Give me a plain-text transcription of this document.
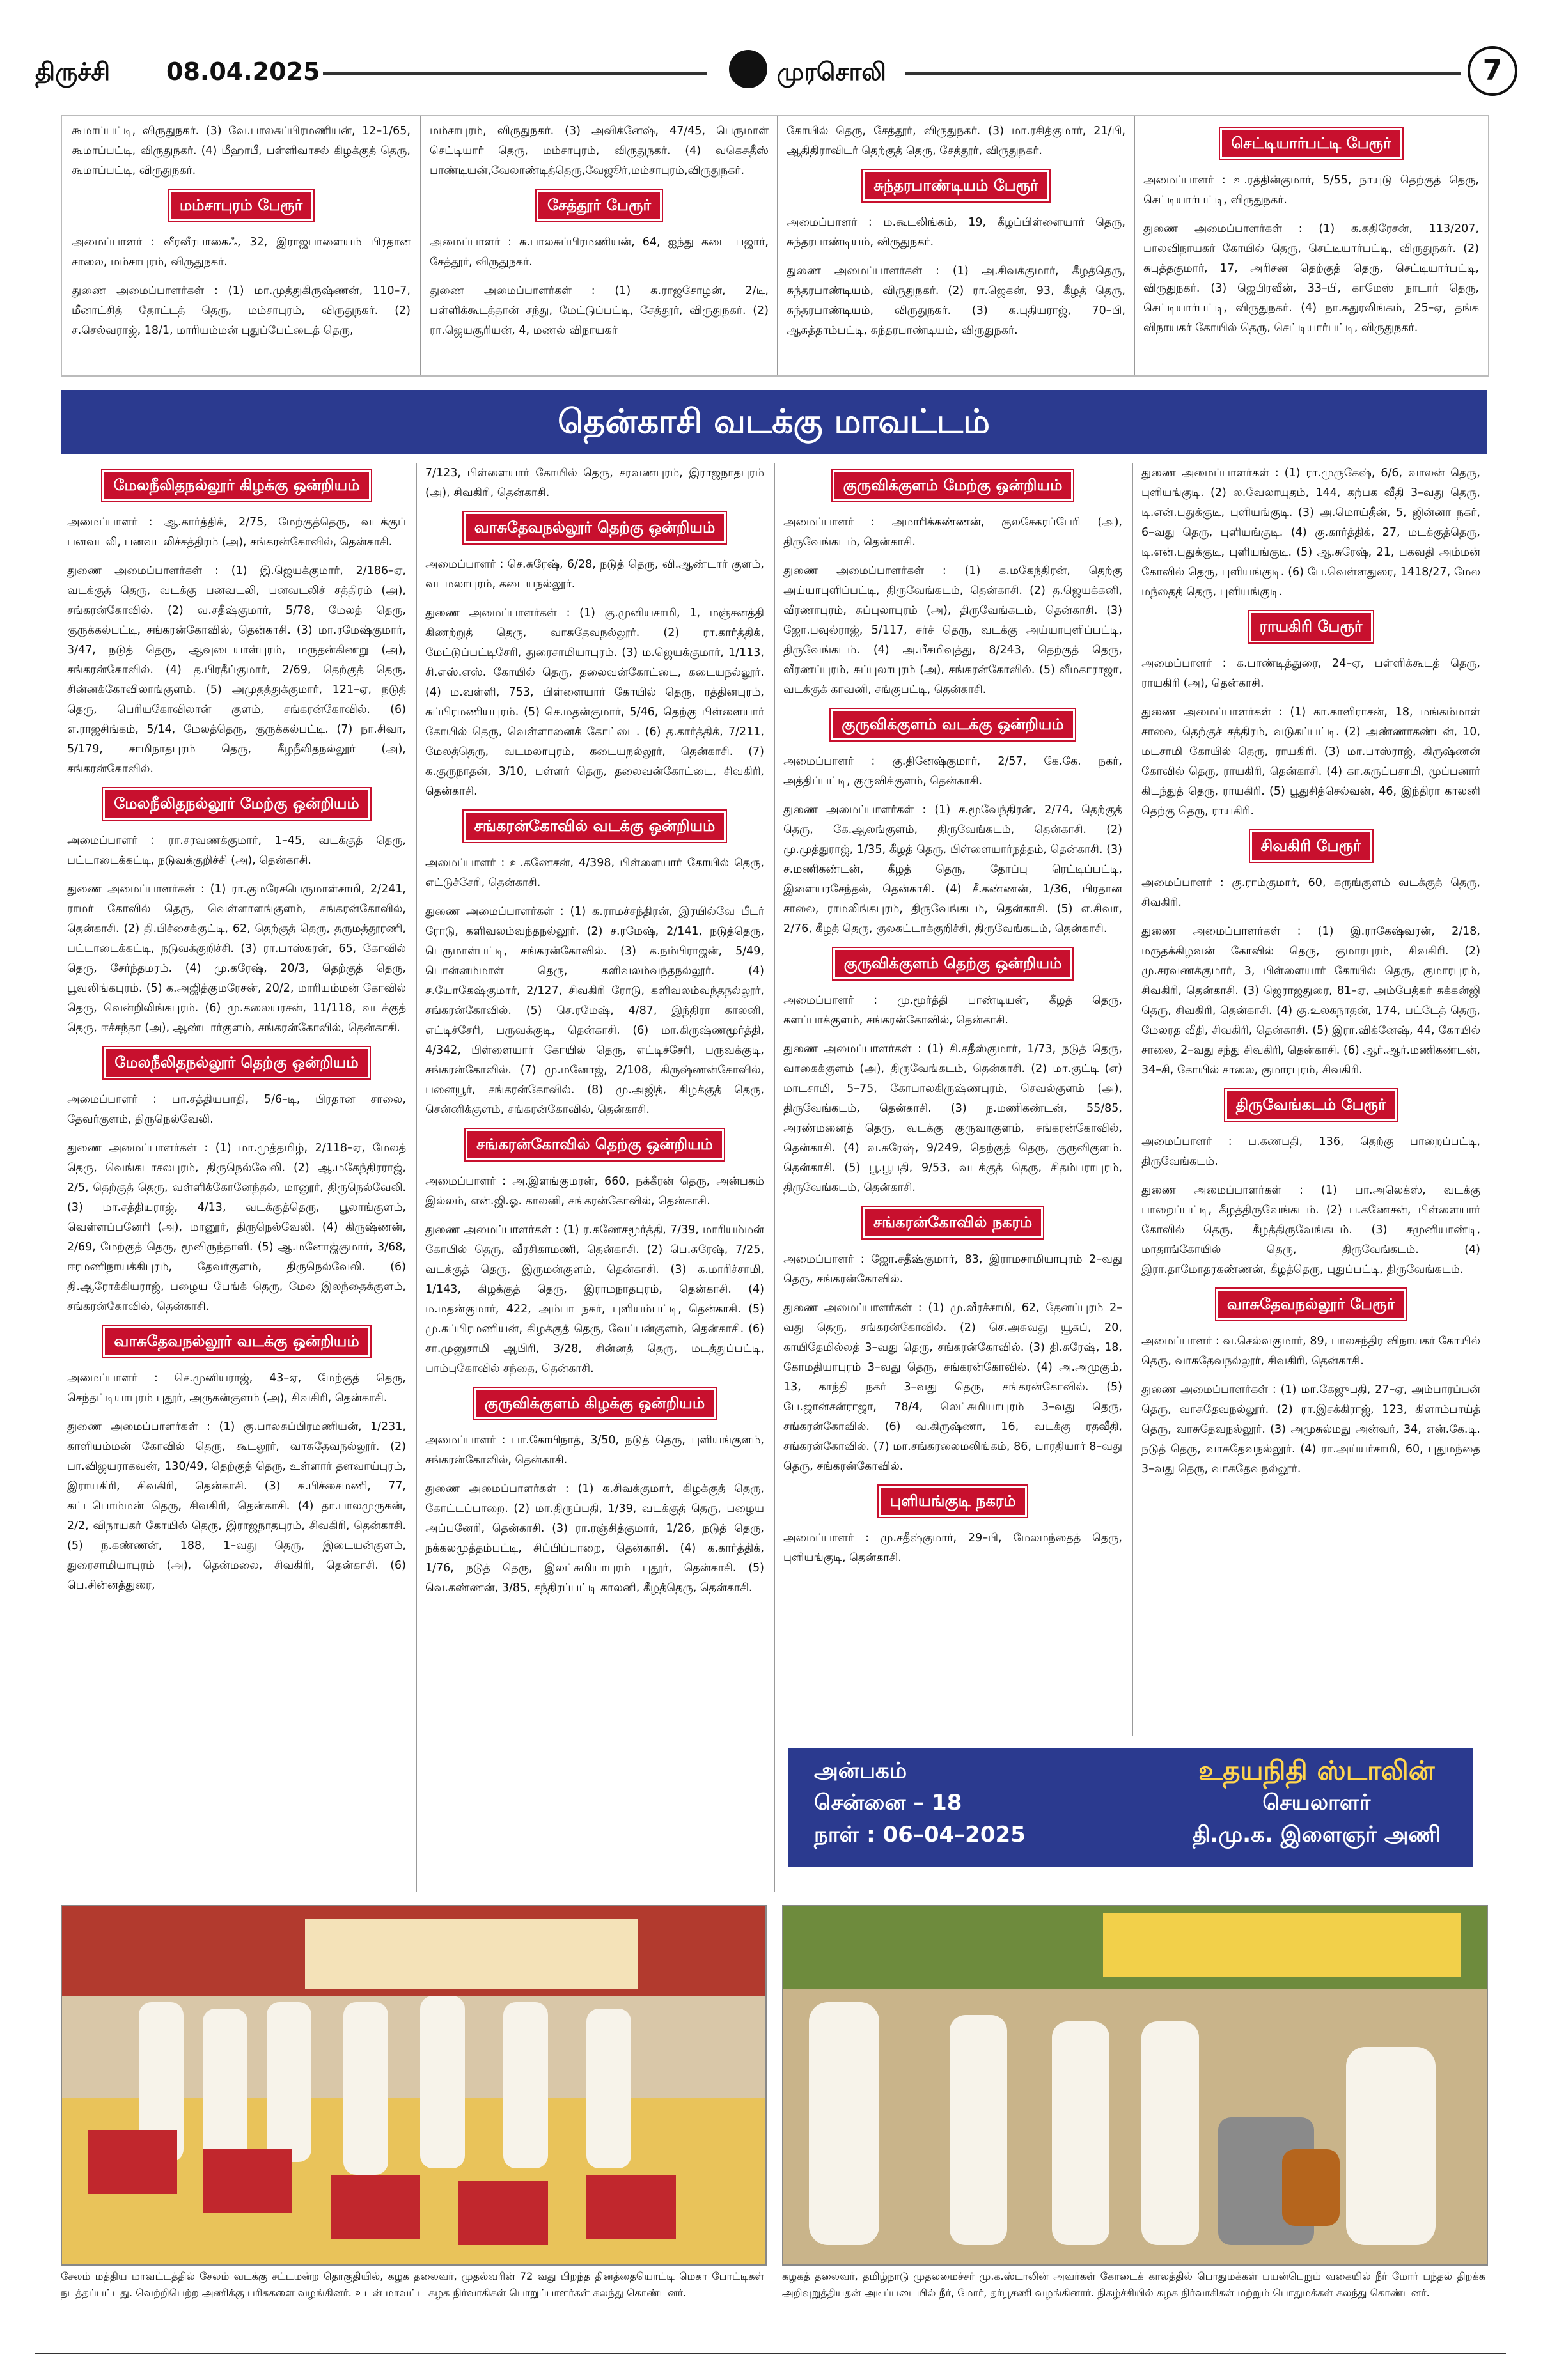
திருச்சி 08.04.2025	முரசொலி	7

கூமாப்பட்டி, விருதுநகர். (3) வே.பாலசுப்பிரமணியன், 12–1/65, கூமாப்பட்டி, விருதுநகர். (4) மீஹாபீ, பள்ளிவாசல் கிழக்குத் தெரு, கூமாப்பட்டி, விருதுநகர்.

மம்சாபுரம் பேரூர்

அமைப்பாளர் : வீரவீரபாகைஃ, 32, இராஜபாளையம் பிரதான சாலை, மம்சாபுரம், விருதுநகர்.

துணை அமைப்பாளர்கள் : (1) மா.முத்துகிருஷ்ணன், 110–7, மீனாட்சித் தோட்டத் தெரு, மம்சாபுரம், விருதுநகர். (2) ச.செல்வராஜ், 18/1, மாரியம்மன் புதுப்பேட்டைத் தெரு,

மம்சாபுரம், விருதுநகர். (3) அவிக்னேஷ், 47/45, பெருமாள் செட்டியார் தெரு, மம்சாபுரம், விருதுநகர். (4) வகெசுதீஸ் பாண்டியன்,வேலாண்டித்தெரு,வேஜூர்,மம்சாபுரம்,விருதுநகர்.

சேத்தூர் பேரூர்

அமைப்பாளர் : சு.பாலசுப்பிரமணியன், 64, ஐந்து கடை பஜார், சேத்தூர், விருதுநகர்.

துணை அமைப்பாளர்கள் : (1) சு.ராஜசோழன், 2/டி, பள்ளிக்கூடத்தான் சந்து, மேட்டுப்பட்டி, சேத்தூர், விருதுநகர். (2) ரா.ஜெயசூரியன், 4, மணல் விநாயகர்

கோயில் தெரு, சேத்தூர், விருதுநகர். (3) மா.ரசித்குமார், 21/பி, ஆதிதிராவிடர் தெற்குத் தெரு, சேத்தூர், விருதுநகர்.

சுந்தரபாண்டியம் பேரூர்

அமைப்பாளர் : ம.கூடலிங்கம், 19, கீழப்பிள்ளையார் தெரு, சுந்தரபாண்டியம், விருதுநகர்.

துணை அமைப்பாளர்கள் : (1) அ.சிவக்குமார், கீழத்தெரு, சுந்தரபாண்டியம், விருதுநகர். (2) ரா.ஜெகன், 93, கீழத் தெரு, சுந்தரபாண்டியம், விருதுநகர். (3) க.புதியராஜ், 70–பி, ஆசுத்தாம்பட்டி, சுந்தரபாண்டியம், விருதுநகர்.

செட்டியார்பட்டி பேரூர்

அமைப்பாளர் : உ.ரத்தின்குமார், 5/55, நாயுடு தெற்குத் தெரு, செட்டியார்பட்டி, விருதுநகர்.

துணை அமைப்பாளர்கள் : (1) க.கதிரேசன், 113/207, பாலவிநாயகர் கோயில் தெரு, செட்டியார்பட்டி, விருதுநகர். (2) சுபுத்தகுமார், 17, அரிசன தெற்குத் தெரு, செட்டியார்பட்டி, விருதுநகர். (3) ஜெபிரவீன், 33–பி, காமேஸ் நாடார் தெரு, செட்டியார்பட்டி, விருதுநகர். (4) நா.கதுரலிங்கம், 25–ஏ, தங்க விநாயகர் கோயில் தெரு, செட்டியார்பட்டி, விருதுநகர்.

தென்காசி வடக்கு மாவட்டம்
மேலநீலிதநல்லூர் கிழக்கு ஒன்றியம்

அமைப்பாளர் : ஆ.கார்த்திக், 2/75, மேற்குத்தெரு, வடக்குப் பனவடலி, பனவடலிச்சத்திரம் (அ), சங்கரன்கோவில், தென்காசி.

துணை அமைப்பாளர்கள் : (1) இ.ஜெயக்குமார், 2/186–ஏ, வடக்குத் தெரு, வடக்கு பனவடலி, பனவடலிச் சத்திரம் (அ), சங்கரன்கோவில். (2) வ.சதீஷ்குமார், 5/78, மேலத் தெரு, குருக்கல்பட்டி, சங்கரன்கோவில், தென்காசி. (3) மா.ரமேஷ்குமார், 3/47, நடுத் தெரு, ஆவுடையாள்புரம், மருதன்கிணறு (அ), சங்கரன்கோவில். (4) த.பிரதீப்குமார், 2/69, தெற்குத் தெரு, சின்னக்கோவிலாங்குளம். (5) அமுதத்துக்குமார், 121–ஏ, நடுத் தெரு, பெரியகோவிலான் குளம், சங்கரன்கோவில். (6) எ.ராஜசிங்கம், 5/14, மேலத்தெரு, குருக்கல்பட்டி. (7) நா.சிவா, 5/179, சாமிநாதபுரம் தெரு, கீழநீலிதநல்லூர் (அ), சங்கரன்கோவில்.

மேலநீலிதநல்லூர் மேற்கு ஒன்றியம்

அமைப்பாளர் : ரா.சரவணக்குமார், 1–45, வடக்குத் தெரு, பட்டாடைக்கட்டி, நடுவக்குறிச்சி (அ), தென்காசி.

துணை அமைப்பாளர்கள் : (1) ரா.குமரேசபெருமாள்சாமி, 2/241, ராமர் கோவில் தெரு, வெள்ளாளங்குளம், சங்கரன்கோவில், தென்காசி. (2) தி.பிச்சைக்குட்டி, 62, தெற்குத் தெரு, தருமத்தூரணி, பட்டாடைக்கட்டி, நடுவக்குறிச்சி. (3) ரா.பாஸ்கரன், 65, கோவில் தெரு, சேர்ந்தமரம். (4) மு.கரேஷ், 20/3, தெற்குத் தெரு, பூவலிங்கபுரம். (5) க.அஜித்குமரேசன், 20/2, மாரியம்மன் கோவில் தெரு, வென்றிலிங்கபுரம். (6) மு.கலையரசன், 11/118, வடக்குத் தெரு, ஈச்சந்தா (அ), ஆண்டார்குளம், சங்கரன்கோவில், தென்காசி.

மேலநீலிதநல்லூர் தெற்கு ஒன்றியம்

அமைப்பாளர் : பா.சத்தியபாதி, 5/6–டி, பிரதான சாலை, தேவர்குளம், திருநெல்வேலி.

துணை அமைப்பாளர்கள் : (1) மா.முத்தமிழ், 2/118–ஏ, மேலத் தெரு, வெங்கடாசலபுரம், திருநெல்வேலி. (2) ஆ.மகேந்திரராஜ், 2/5, தெற்குத் தெரு, வள்ளிக்கோனேந்தல், மானூர், திருநெல்வேலி. (3) மா.சத்தியராஜ், 4/13, வடக்குத்தெரு, பூலாங்குளம், வெள்ளப்பனேரி (அ), மானூர், திருநெல்வேலி. (4) கிருஷ்ணன், 2/69, மேற்குத் தெரு, மூவிருந்தாளி. (5) ஆ.மனோஜ்குமார், 3/68, ஈரமணிநாயக்கிபுரம், தேவர்குளம், திருநெல்வேலி. (6) தி.ஆரோக்கியராஜ், பழைய பேங்க் தெரு, மேல இலந்தைக்குளம், சங்கரன்கோவில், தென்காசி.

வாசுதேவநல்லூர் வடக்கு ஒன்றியம்

அமைப்பாளர் : செ.முனியராஜ், 43–ஏ, மேற்குத் தெரு, செந்தட்டியாபுரம் புதூர், அருகன்குளம் (அ), சிவகிரி, தென்காசி.

துணை அமைப்பாளர்கள் : (1) கு.பாலசுப்பிரமணியன், 1/231, காளியம்மன் கோவில் தெரு, கூடலூர், வாசுதேவநல்லூர். (2) பா.விஜயராகவன், 130/49, தெற்குத் தெரு, உள்ளார் தளவாய்புரம், இராயகிரி, சிவகிரி, தென்காசி. (3) க.பிச்சைமணி, 77, கட்டபொம்மன் தெரு, சிவகிரி, தென்காசி. (4) தா.பாலமுருகன், 2/2, விநாயகர் கோயில் தெரு, இராஜநாதபுரம், சிவகிரி, தென்காசி. (5) ந.கண்ணன், 188, 1–வது தெரு, இடையன்குளம், துரைசாமியாபுரம் (அ), தென்மலை, சிவகிரி, தென்காசி. (6) பெ.சின்னத்துரை,

7/123, பிள்ளையார் கோயில் தெரு, சரவணபுரம், இராஜநாதபுரம் (அ), சிவகிரி, தென்காசி.

வாசுதேவநல்லூர் தெற்கு ஒன்றியம்

அமைப்பாளர் : செ.சுரேஷ், 6/28, நடுத் தெரு, வி.ஆண்டார் குளம், வடமலாபுரம், கடையநல்லூர்.

துணை அமைப்பாளர்கள் : (1) கு.முனியசாமி, 1, மஞ்சனத்தி கிணற்றுத் தெரு, வாசுதேவநல்லூர். (2) ரா.கார்த்திக், மேட்டுப்பட்டிசேரி, துரைசாமியாபுரம். (3) ம.ஜெயக்குமார், 1/113, சி.எஸ்.எஸ். கோயில் தெரு, தலைவன்கோட்டை, கடையநல்லூர். (4) ம.வள்ளி, 753, பிள்ளையார் கோயில் தெரு, ரத்தினபுரம், சுப்பிரமணியபுரம். (5) செ.மதன்குமார், 5/46, தெற்கு பிள்ளையார் கோயில் தெரு, வெள்ளானைக் கோட்டை. (6) த.கார்த்திக், 7/211, மேலத்தெரு, வடமலாபுரம், கடையநல்லூர், தென்காசி. (7) க.குருநாதன், 3/10, பள்ளர் தெரு, தலைவன்கோட்டை, சிவகிரி, தென்காசி.

சங்கரன்கோவில் வடக்கு ஒன்றியம்

அமைப்பாளர் : உ.கணேசன், 4/398, பிள்ளையார் கோயில் தெரு, எட்டுச்சேரி, தென்காசி.

துணை அமைப்பாளர்கள் : (1) க.ராமச்சந்திரன், இரயில்வே பீடர் ரோடு, களிவலம்வந்தநல்லூர். (2) ச.ரமேஷ், 2/141, நடுத்தெரு, பெருமாள்பட்டி, சங்கரன்கோவில். (3) க.நம்பிராஜன், 5/49, பொன்னம்மாள் தெரு, களிவலம்வந்தநல்லூர். (4) ச.யோகேஷ்குமார், 2/127, சிவகிரி ரோடு, களிவலம்வந்தநல்லூர், சங்கரன்கோவில். (5) செ.ரமேஷ், 4/87, இந்திரா காலனி, எட்டிச்சேரி, பருவக்குடி, தென்காசி. (6) மா.கிருஷ்ணமூர்த்தி, 4/342, பிள்ளையார் கோயில் தெரு, எட்டிச்சேரி, பருவக்குடி, சங்கரன்கோவில். (7) மு.மனோஜ், 2/108, கிருஷ்ணன்கோவில், பனையூர், சங்கரன்கோவில். (8) மு.அஜித், கிழக்குத் தெரு, சென்னிக்குளம், சங்கரன்கோவில், தென்காசி.

சங்கரன்கோவில் தெற்கு ஒன்றியம்

அமைப்பாளர் : அ.இளங்குமரன், 660, நக்கீரன் தெரு, அன்பகம் இல்லம், என்.ஜி.ஓ. காலனி, சங்கரன்கோவில், தென்காசி.

துணை அமைப்பாளர்கள் : (1) ர.கணேசமூர்த்தி, 7/39, மாரியம்மன் கோயில் தெரு, வீரசிகாமணி, தென்காசி. (2) பெ.சுரேஷ், 7/25, வடக்குத் தெரு, இருமன்குளம், தென்காசி. (3) க.மாரிச்சாமி, 1/143, கிழக்குத் தெரு, இராமநாதபுரம், தென்காசி. (4) ம.மதன்குமார், 422, அம்பா நகர், புளியம்பட்டி, தென்காசி. (5) மு.சுப்பிரமணியன், கிழக்குத் தெரு, வேப்பன்குளம், தென்காசி. (6) சா.முனுசாமி ஆபிரி, 3/28, சின்னத் தெரு, மடத்துப்பட்டி, பாம்புகோவில் சந்தை, தென்காசி.

குருவிக்குளம் கிழக்கு ஒன்றியம்

அமைப்பாளர் : பா.கோபிநாத், 3/50, நடுத் தெரு, புளியங்குளம், சங்கரன்கோவில், தென்காசி.

துணை அமைப்பாளர்கள் : (1) க.சிவக்குமார், கிழக்குத் தெரு, கோட்டப்பாறை. (2) மா.திருப்பதி, 1/39, வடக்குத் தெரு, பழைய அப்பனேரி, தென்காசி. (3) ரா.ரஞ்சித்குமார், 1/26, நடுத் தெரு, நக்கலமுத்தம்பட்டி, சிப்பிப்பாறை, தென்காசி. (4) க.கார்த்திக், 1/76, நடுத் தெரு, இலட்சுமியாபுரம் புதூர், தென்காசி. (5) வெ.கண்ணன், 3/85, சந்திரப்பட்டி காலனி, கீழத்தெரு, தென்காசி.

குருவிக்குளம் மேற்கு ஒன்றியம்

அமைப்பாளர் : அமாரிக்கண்ணன், குலசேகரப்பேரி (அ), திருவேங்கடம், தென்காசி.

துணை அமைப்பாளர்கள் : (1) க.மகேந்திரன், தெற்கு அய்யாபுளிப்பட்டி, திருவேங்கடம், தென்காசி. (2) த.ஜெயக்கனி, வீரணாபுரம், சுப்புலாபுரம் (அ), திருவேங்கடம், தென்காசி. (3) ஜோ.பவுல்ராஜ், 5/117, சர்ச் தெரு, வடக்கு அய்யாபுளிப்பட்டி, திருவேங்கடம். (4) அ.பீசமிவுத்து, 8/243, தெற்குத் தெரு, வீரணப்புரம், சுப்புலாபுரம் (அ), சங்கரன்கோவில். (5) வீமகாராஜா, வடக்குக் காவனி, சங்குபட்டி, தென்காசி.

குருவிக்குளம் வடக்கு ஒன்றியம்

அமைப்பாளர் : கு.தினேஷ்குமார், 2/57, கே.கே. நகர், அத்திப்பட்டி, குருவிக்குளம், தென்காசி.

துணை அமைப்பாளர்கள் : (1) ச.மூவேந்திரன், 2/74, தெற்குத் தெரு, கே.ஆலங்குளம், திருவேங்கடம், தென்காசி. (2) மு.முத்துராஜ், 1/35, கீழத் தெரு, பிள்ளையார்நத்தம், தென்காசி. (3) ச.மணிகண்டன், கீழத் தெரு, தோப்பு ரெட்டிப்பட்டி, இளையரசேந்தல், தென்காசி. (4) சீ.கண்ணன், 1/36, பிரதான சாலை, ராமலிங்கபுரம், திருவேங்கடம், தென்காசி. (5) எ.சிவா, 2/76, கீழத் தெரு, குலகட்டாக்குறிச்சி, திருவேங்கடம், தென்காசி.

குருவிக்குளம் தெற்கு ஒன்றியம்

அமைப்பாளர் : மு.மூர்த்தி பாண்டியன், கீழத் தெரு, களப்பாக்குளம், சங்கரன்கோவில், தென்காசி.

துணை அமைப்பாளர்கள் : (1) சி.சதீஸ்குமார், 1/73, நடுத் தெரு, வாகைக்குளம் (அ), திருவேங்கடம், தென்காசி. (2) மா.குட்டி (எ) மாடசாமி, 5–75, கோபாலகிருஷ்ணபுரம், செவல்குளம் (அ), திருவேங்கடம், தென்காசி. (3) ந.மணிகண்டன், 55/85, அரண்மனைத் தெரு, வடக்கு குருவாகுளம், சங்கரன்கோவில், தென்காசி. (4) வ.சுரேஷ், 9/249, தெற்குத் தெரு, குருவிகுளம். தென்காசி. (5) பூ.பூபதி, 9/53, வடக்குத் தெரு, சிதம்பராபுரம், திருவேங்கடம், தென்காசி.

சங்கரன்கோவில் நகரம்

அமைப்பாளர் : ஜோ.சதீஷ்குமார், 83, இராமசாமியாபுரம் 2–வது தெரு, சங்கரன்கோவில்.

துணை அமைப்பாளர்கள் : (1) மு.வீரச்சாமி, 62, தேனப்புரம் 2–வது தெரு, சங்கரன்கோவில். (2) செ.அசுவது யூசுப், 20, காயிதேமில்லத் 3–வது தெரு, சங்கரன்கோவில். (3) தி.சுரேஷ், 18, கோமதியாபுரம் 3–வது தெரு, சங்கரன்கோவில். (4) அ.அமுகும், 13, காந்தி நகர் 3–வது தெரு, சங்கரன்கோவில். (5) பே.ஜான்சன்ராஜா, 78/4, லெட்சுமியாபுரம் 3–வது தெரு, சங்கரன்கோவில். (6) வ.கிருஷ்ணா, 16, வடக்கு ரதவீதி, சங்கரன்கோவில். (7) மா.சங்கரலைமலிங்கம், 86, பாரதியார் 8–வது தெரு, சங்கரன்கோவில்.

புளியங்குடி நகரம்

அமைப்பாளர் : மு.சதீஷ்குமார், 29–பி, மேலமந்தைத் தெரு, புளியங்குடி, தென்காசி.

துணை அமைப்பாளர்கள் : (1) ரா.முருகேஷ், 6/6, வாலன் தெரு, புளியங்குடி. (2) ல.வேலாயுதம், 144, கற்பக வீதி 3–வது தெரு, டி.என்.புதுக்குடி, புளியங்குடி. (3) அ.மொய்தீன், 5, ஜின்னா நகர், 6–வது தெரு, புளியங்குடி. (4) கு.கார்த்திக், 27, மடக்குத்தெரு, டி.என்.புதுக்குடி, புளியங்குடி. (5) ஆ.சுரேஷ், 21, பகவதி அம்மன் கோவில் தெரு, புளியங்குடி. (6) பே.வெள்ளதுரை, 1418/27, மேல மந்தைத் தெரு, புளியங்குடி.

ராயகிரி பேரூர்

அமைப்பாளர் : க.பாண்டித்துரை, 24–ஏ, பள்ளிக்கூடத் தெரு, ராயகிரி (அ), தென்காசி.

துணை அமைப்பாளர்கள் : (1) கா.காளிராசன், 18, மங்கம்மாள் சாலை, தெற்குச் சத்திரம், வடுகப்பட்டி. (2) அண்ணாகண்டன், 10, மடசாமி கோயில் தெரு, ராயகிரி. (3) மா.பாஸ்ராஜ், கிருஷ்ணன் கோவில் தெரு, ராயகிரி, தென்காசி. (4) கா.சுருப்பசாமி, மூப்பனார் கிடந்துத் தெரு, ராயகிரி. (5) பூதுசித்செல்வன், 46, இந்திரா காலனி தெற்கு தெரு, ராயகிரி.

சிவகிரி பேரூர்

அமைப்பாளர் : கு.ராம்குமார், 60, கருங்குளம் வடக்குத் தெரு, சிவகிரி.

துணை அமைப்பாளர்கள் : (1) இ.ராகேஷ்வரன், 2/18, மருதக்கிழவன் கோவில் தெரு, குமாரபுரம், சிவகிரி. (2) மு.சரவணக்குமார், 3, பிள்ளையார் கோயில் தெரு, குமாரபுரம், சிவகிரி, தென்காசி. (3) ஜெராஜதுரை, 81–ஏ, அம்பேத்கர் சுக்கன்ஜி தெரு, சிவகிரி, தென்காசி. (4) கு.உலகநாதன், 174, பட்டேத் தெரு, மேலரத வீதி, சிவகிரி, தென்காசி. (5) இரா.விக்னேஷ், 44, கோயில் சாலை, 2–வது சந்து சிவகிரி, தென்காசி. (6) ஆர்.ஆர்.மணிகண்டன், 34–சி, கோயில் சாலை, குமாரபுரம், சிவகிரி.

திருவேங்கடம் பேரூர்

அமைப்பாளர் : ப.கணபதி, 136, தெற்கு பாறைப்பட்டி, திருவேங்கடம்.

துணை அமைப்பாளர்கள் : (1) பா.அலெக்ஸ், வடக்கு பாறைப்பட்டி, கீழத்திருவேங்கடம். (2) ப.கணேசன், பிள்ளையார் கோவில் தெரு, கீழத்திருவேங்கடம். (3) சமுனியாண்டி, மாதாங்கோயில் தெரு, திருவேங்கடம். (4) இரா.தாமோதரகண்ணன், கீழத்தெரு, புதுப்பட்டி, திருவேங்கடம்.

வாசுதேவநல்லூர் பேரூர்

அமைப்பாளர் : வ.செல்வகுமார், 89, பாலசந்திர விநாயகர் கோயில் தெரு, வாசுதேவநல்லூர், சிவகிரி, தென்காசி.

துணை அமைப்பாளர்கள் : (1) மா.கேஜுபதி, 27–ஏ, அம்பாரப்பன் தெரு, வாசுதேவநல்லூர். (2) ரா.இசக்கிராஜ், 123, கிளாம்பாய்த் தெரு, வாசுதேவநல்லூர். (3) அமுசுல்மது அன்வர், 34, என்.கே.டி. நடுத் தெரு, வாசுதேவநல்லூர். (4) ரா.அய்யர்சாமி, 60, புதுமந்தை 3–வது தெரு, வாசுதேவநல்லூர்.

அன்பகம்
சென்னை – 18
நாள் : 06–04–2025
உதயநிதி ஸ்டாலின்
செயலாளர்
தி.மு.க. இளைஞர் அணி
சேலம் மத்திய மாவட்டத்தில் சேலம் வடக்கு சட்டமன்ற தொகுதியில், கழக தலைவர், முதல்வரின் 72 வது பிறந்த தினத்தையொட்டி மெகா போட்டிகள் நடத்தப்பட்டது. வெற்றிபெற்ற அணிக்கு பரிசுகளை வழங்கினர். உடன் மாவட்ட கழக நிர்வாகிகள் பொறுப்பாளர்கள் கலந்து கொண்டனர்.
கழகத் தலைவர், தமிழ்நாடு முதலமைச்சர் மு.க.ஸ்டாலின் அவர்கள் கோடைக் காலத்தில் பொதுமக்கள் பயன்பெறும் வகையில் நீர் மோர் பந்தல் திறக்க அறிவுறுத்தியதன் அடிப்படையில் நீர், மோர், தர்பூசணி வழங்கினார். நிகழ்ச்சியில் கழக நிர்வாகிகள் மற்றும் பொதுமக்கள் கலந்து கொண்டனர்.
